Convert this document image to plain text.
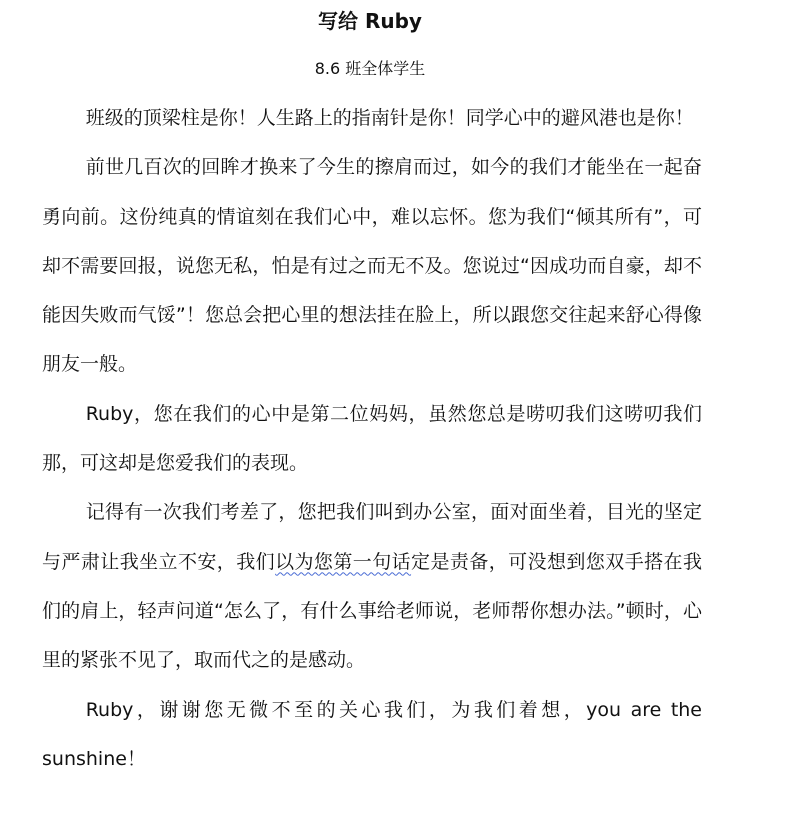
写给 Ruby
8.6 班全体学生

班级的顶梁柱是你！人生路上的指南针是你！同学心中的避风港也是你！

前世几百次的回眸才换来了今生的擦肩而过，如今的我们才能坐在一起奋勇向前。这份纯真的情谊刻在我们心中，难以忘怀。您为我们“倾其所有”，可却不需要回报，说您无私，怕是有过之而无不及。您说过“因成功而自豪，却不能因失败而气馁”！您总会把心里的想法挂在脸上，所以跟您交往起来舒心得像朋友一般。

Ruby，您在我们的心中是第二位妈妈，虽然您总是唠叨我们这唠叨我们那，可这却是您爱我们的表现。

记得有一次我们考差了，您把我们叫到办公室，面对面坐着，目光的坚定与严肃让我坐立不安，我们以为您第一句话定是责备，可没想到您双手搭在我们的肩上，轻声问道“怎么了，有什么事给老师说，老师帮你想办法。”顿时，心里的紧张不见了，取而代之的是感动。

Ruby，谢谢您无微不至的关心我们，为我们着想，you are the sunshine！
